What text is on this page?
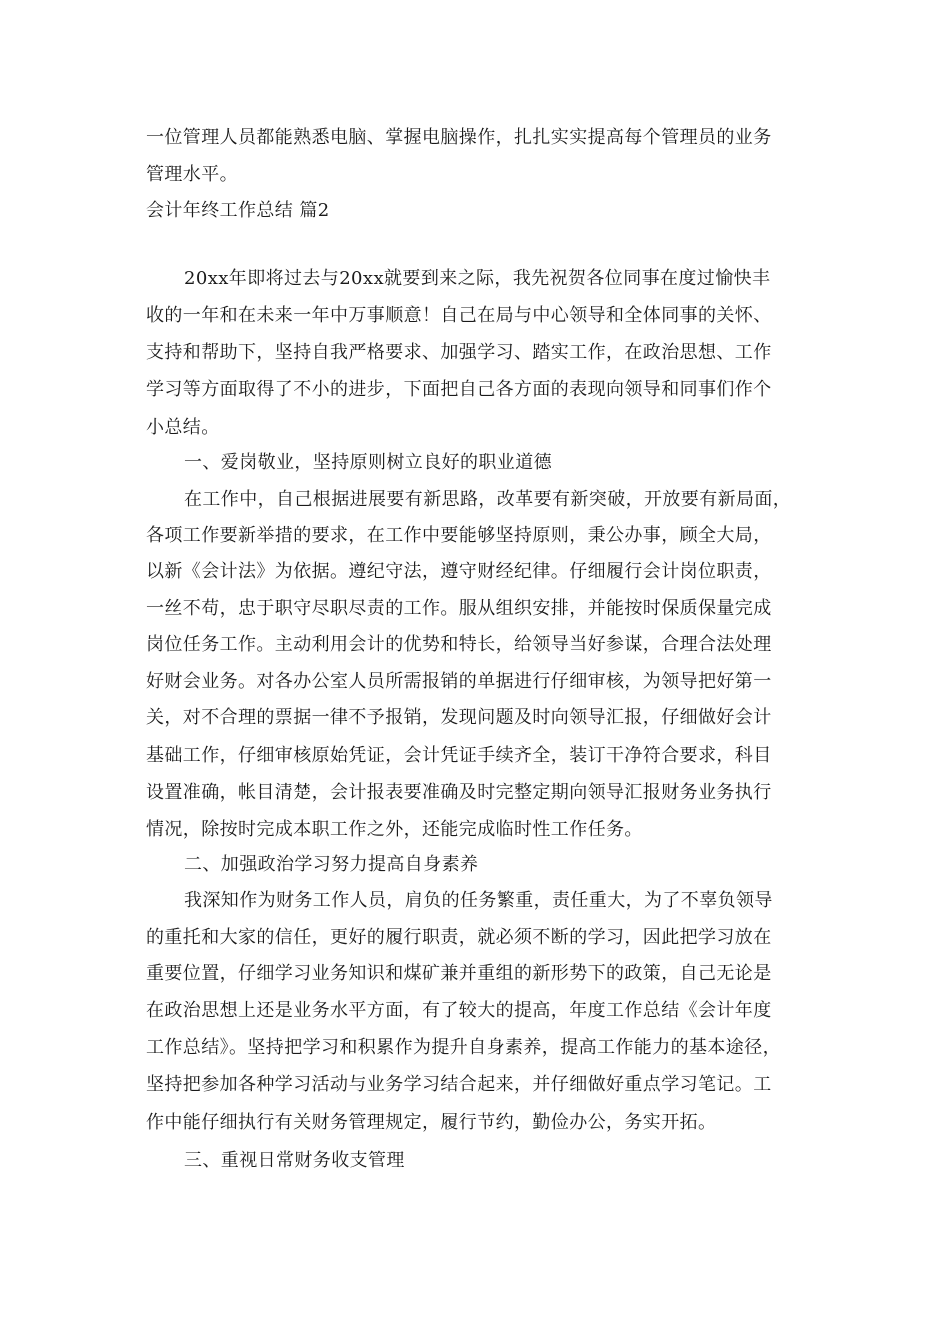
一位管理人员都能熟悉电脑、掌握电脑操作，扎扎实实提高每个管理员的业务
管理水平。
会计年终工作总结 篇2
20xx年即将过去与20xx就要到来之际，我先祝贺各位同事在度过愉快丰
收的一年和在未来一年中万事顺意！自己在局与中心领导和全体同事的关怀、
支持和帮助下，坚持自我严格要求、加强学习、踏实工作，在政治思想、工作
学习等方面取得了不小的进步，下面把自己各方面的表现向领导和同事们作个
小总结。
一、爱岗敬业，坚持原则树立良好的职业道德
在工作中，自己根据进展要有新思路，改革要有新突破，开放要有新局面，
各项工作要新举措的要求，在工作中要能够坚持原则，秉公办事，顾全大局，
以新《会计法》为依据。遵纪守法，遵守财经纪律。仔细履行会计岗位职责，
一丝不苟，忠于职守尽职尽责的工作。服从组织安排，并能按时保质保量完成
岗位任务工作。主动利用会计的优势和特长，给领导当好参谋，合理合法处理
好财会业务。对各办公室人员所需报销的单据进行仔细审核，为领导把好第一
关，对不合理的票据一律不予报销，发现问题及时向领导汇报，仔细做好会计
基础工作，仔细审核原始凭证，会计凭证手续齐全，装订干净符合要求，科目
设置准确，帐目清楚，会计报表要准确及时完整定期向领导汇报财务业务执行
情况，除按时完成本职工作之外，还能完成临时性工作任务。
二、加强政治学习努力提高自身素养
我深知作为财务工作人员，肩负的任务繁重，责任重大，为了不辜负领导
的重托和大家的信任，更好的履行职责，就必须不断的学习，因此把学习放在
重要位置，仔细学习业务知识和煤矿兼并重组的新形势下的政策，自己无论是
在政治思想上还是业务水平方面，有了较大的提高，年度工作总结《会计年度
工作总结》。坚持把学习和积累作为提升自身素养，提高工作能力的基本途径，
坚持把参加各种学习活动与业务学习结合起来，并仔细做好重点学习笔记。工
作中能仔细执行有关财务管理规定，履行节约，勤俭办公，务实开拓。
三、重视日常财务收支管理
